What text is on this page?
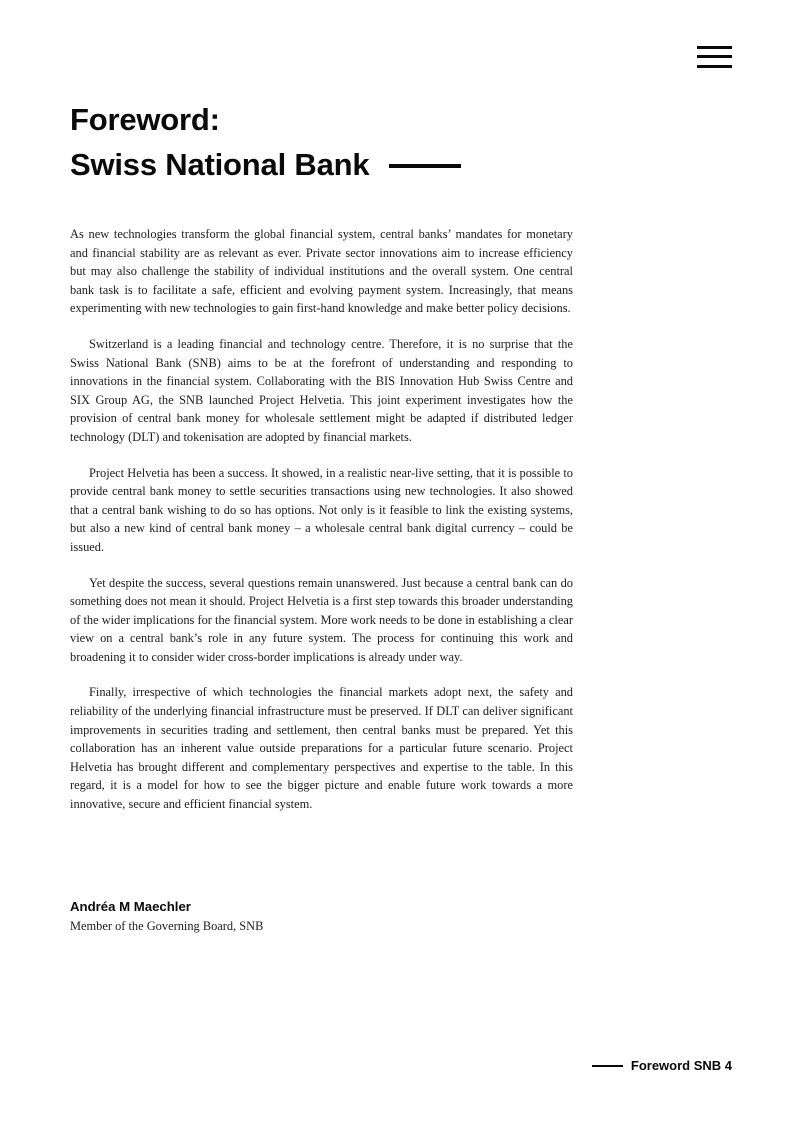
Foreword:
Swiss National Bank

As new technologies transform the global financial system, central banks’ mandates for monetary and financial stability are as relevant as ever. Private sector innovations aim to increase efficiency but may also challenge the stability of individual institutions and the overall system. One central bank task is to facilitate a safe, efficient and evolving payment system. Increasingly, that means experimenting with new technologies to gain first-hand knowledge and make better policy decisions.

Switzerland is a leading financial and technology centre. Therefore, it is no surprise that the Swiss National Bank (SNB) aims to be at the forefront of understanding and responding to innovations in the financial system. Collaborating with the BIS Innovation Hub Swiss Centre and SIX Group AG, the SNB launched Project Helvetia. This joint experiment investigates how the provision of central bank money for wholesale settlement might be adapted if distributed ledger technology (DLT) and tokenisation are adopted by financial markets.

Project Helvetia has been a success. It showed, in a realistic near-live setting, that it is possible to provide central bank money to settle securities transactions using new technologies. It also showed that a central bank wishing to do so has options. Not only is it feasible to link the existing systems, but also a new kind of central bank money – a wholesale central bank digital currency – could be issued.

Yet despite the success, several questions remain unanswered. Just because a central bank can do something does not mean it should. Project Helvetia is a first step towards this broader understanding of the wider implications for the financial system. More work needs to be done in establishing a clear view on a central bank’s role in any future system. The process for continuing this work and broadening it to consider wider cross-border implications is already under way.

Finally, irrespective of which technologies the financial markets adopt next, the safety and reliability of the underlying financial infrastructure must be preserved. If DLT can deliver significant improvements in securities trading and settlement, then central banks must be prepared. Yet this collaboration has an inherent value outside preparations for a particular future scenario. Project Helvetia has brought different and complementary perspectives and expertise to the table. In this regard, it is a model for how to see the bigger picture and enable future work towards a more innovative, secure and efficient financial system.

Andréa M Maechler
Member of the Governing Board, SNB
Foreword SNB 4
